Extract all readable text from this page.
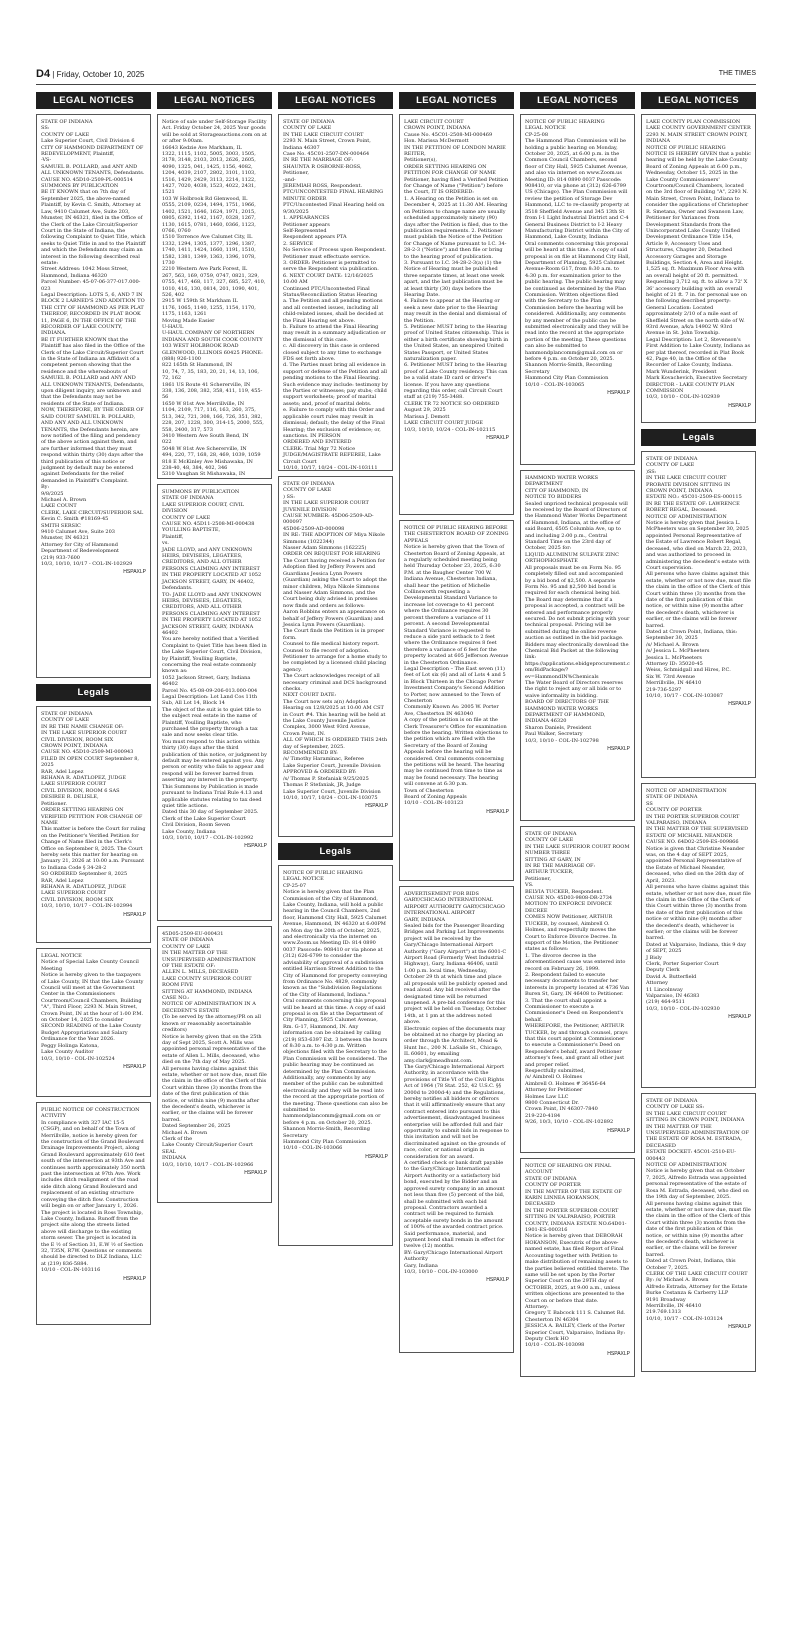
D4 | Friday, October 10, 2025	THE TIMES
LEGAL NOTICES
STATE OF INDIANA
SS:
COUNTY OF LAKE
Lake Superior Court, Civil Division 6
CITY OF HAMMOND DEPARTMENT OF REDEVELOPMENT, Plaintiff,
-VS-
SAMUEL B. POLLARD, and ANY AND ALL UNKNOWN TENANTS, Defendants.
CAUSE NO. 45D10-2509-PL-000514
SUMMONS BY PUBLICATION
BE IT KNOWN that on 7th day of September 2025, the above-named Plaintiff, by Kevin C. Smith, Attorney at Law, 9410 Calumet Ave, Suite 203, Munster, IN 46321, filed in the Office of the Clerk of the Lake Circuit/Superior Court in the State of Indiana, the following Complaint to Quiet Title, which seeks to Quiet Title in and to the Plaintiff and which the Defendants may claim an interest in the following described real estate:
Street Address: 1042 Moss Street, Hammond, Indiana 46320
Parcel Number: 45-07-06-377-017.000-023
Legal Description: LOTS 5, 6, AND 7 IN BLOCK 2 LARNED'S 2ND ADDITION TO THE CITY OF HAMMOND AS PER PLAT THEREOF, RECORDED IN PLAT BOOK 11, PAGE 6, IN THE OFFICE OF THE RECORDER OF LAKE COUNTY, INDIANA.
BE IT FURTHER KNOWN that the Plaintiff has also filed in the Office of the Clerk of the Lake Circuit/Superior Court in the State of Indiana an Affidavit of a competent person showing that the residence and the whereabouts of SAMUEL B. POLLARD and ANY AND ALL UNKNOWN TENANTS, Defendants, upon diligent inquiry, are unknown and that the Defendants may not be residents of the State of Indiana.
NOW, THEREFORE, BY THE ORDER OF SAID COURT SAMUEL B. POLLARD, AND ANY AND ALL UNKNOWN TENANTS, the Defendants herein, are now notified of the filing and pendency of the above action against them, and are further informed that they must respond within thirty (30) days after the third publication of this notice or judgment by default may be entered against Defendants for the relief demanded in Plaintiff's Complaint.
By:
9/8/2025
Michael A. Brown
LAKE COUNT
CLERK, LAKE CIRCUIT/SUPERIOR SAL
Kevin C. Smith #18169-45
SMITH SERSIC
9410 Calumet Ave, Suite 203
Munster, IN 46321
Attorney for City of Hammond Department of Redevelopment
(219) 933-7600
10/3, 10/10, 10/17 - COL-IN-102929
HSPAXLP
Legals
STATE OF INDIANA
COUNTY OF LAKE
IN RE THE NAME CHANGE OF:
IN THE LAKE SUPERIOR COURT
CIVIL DIVISION, ROOM SIX
CROWN POINT, INDIANA
CAUSE NO. 45D10-2509-MI-000943
FILED IN OPEN COURT September 8, 2025
RAR, Adel Lopez
REHANA R. ADATLOPEZ, JUDGE
LAKE SUPERIOR COURT
CIVIL DIVISION, ROOM 6 SAS
DESIREE R. DELISLE,
Petitioner.
ORDER SETTING HEARING ON VERIFIED PETITION FOR CHANGE OF NAME
This matter is before the Court for ruling on the Petitioner's Verified Petition for Change of Name filed in the Clerk's Office on September 8, 2025. The Court hereby sets this matter for hearing on January 21, 2026 at 10:00 a.m. Pursuant to Indiana Code § 34-28-2
SO ORDERED September 8, 2025
RAR, Adel Lopez
REHANA R. ADATLOPEZ, JUDGE
LAKE SUPERIOR COURT
CIVIL DIVISION, ROOM SIX
10/3, 10/10, 10/17 - COL-IN-102994
HSPAXLP
LEGAL NOTICE
Notice of Special Lake County Council Meeting
Notice is hereby given to the taxpayers of Lake County, IN that the Lake County Council will meet at the Government Center in the Commissioners Courtroom/Council Chambers, Building "A", Third Floor, 2293 N. Main Street, Crown Point, IN at the hour of 1:00 P.M. on October 14, 2025 to consider SECOND READING of the Lake County Budget Appropriations and Salary Ordinance for the Year 2026.
Peggy Holinga Katona,
Lake County Auditor
10/3, 10/10 - COL-IN-102524
HSPAXLP
PUBLIC NOTICE OF CONSTRUCTION ACTIVITY
In compliance with 327 IAC 15-5 (CSGP), and on behalf of the Town of Merrillville, notice is hereby given for the construction of the Grand Boulevard Drainage Improvements Project, along Grand Boulevard approximately 610 feet south of the intersection at 93th Ave and continues north approximately 350 north past the intersection at 97th Ave. Work includes ditch realignment of the road side ditch along Grand Boulevard and replacement of an existing structure conveying the ditch flow. Construction will begin on or after January 1, 2026. The project is located in Ross Township, Lake County, Indiana. Runoff from the project site along the streets listed above will discharge to the existing storm sewer. The project is located in the E ½ of Section 31, E.W ½ of Section 32, T35N, R7W. Questions or comments should be directed to DLZ Indiana, LLC at (219) 836-5884.
10/10 - COL-IN-103116
HSPAXLP
LEGAL NOTICES
Notice of sale under Self-Storage Facility Act. Friday October 24, 2025 Your goods will be sold at Storageauctions.com on at or after 9:00am.
16643 Kedzie Ave Markham, IL
1322, 1115, 1102, 5005, 3003, 1505, 3178, 3148, 2103, 2013, 2626, 2605, 4090, 1325, 041, 1425, 1156, 4082, 1204, 4039, 2107, 2802, 3101, 1103, 1516, 1429, 2429, 3113, 2214, 1122, 1427, 7020, 4038, 1523, 4022, 2431, 1521
103 W Holbrook Rd Glenwood, IL
0555, 2109, 0234, 1494, 1751, 1966, 1402, 1521, 1646, 1624, 1971, 2015, 0805, 6392, 1142, 1167, 0328, 1267, 1130, 1615, 0781, 1460, 0366, 1123, 0766, 0760
1510 Torrence Ave Calumet City, IL
1332, 1294, 1305, 1377, 1296, 1387, 1740, 1411, 1424, 1660, 1191, 1510, 1582, 1381, 1349, 1363, 1396, 1078, 1730
2210 Western Ave Park Forest, IL
267, 563, 169, 0759, 0747, 0821, 329, 0755, 417, 468, 117, 327, 685, 527, 410, 1010, 416, 130, 0814, 201, 1090, 401, 526, 402
2915 W 159th St Markham IL
1176, 1065, 1140, 1255, 1154, 1170, 1175, 1163, 1261
Moving Made Easier
U-HAUL
U-HAUL COMPANY OF NORTHERN INDIANA AND SOUTH COOK COUNTY
103 WEST HOLBROOK ROAD GLENWOOD, ILLINOIS 60425 PHONE: (888) 926-1100
822 165th St Hammond, IN
10, 74, 7, 35, 183, 20, 21, 14, 13, 106, 72, 162
1861 US Route 41 Schererville, IN
338, 136, 208, 382, 358, 411, 119, 455-56
1650 W 81st Ave Merrillville, IN
1104, 2109, 717, 116, 163, 260, 375, 513, 342, 721, 308, 166, 726, 351, 382, 228, 207, 1228, 300, 314-15, 2000, 555, 558, 2400, 317, 573
3410 Western Ave South Bend, IN
022
5048 W 81st Ave Schererville, IN
494, 220, 77, 168, 28, 469, 1039, 1059
818 E McKinley Ave Mishawaka, IN
238-40, 48, 384, 402, 346
5310 Vaughan St Mishawaka, IN

SUMMONS BY PUBLICATION
STATE OF INDIANA
LAKE SUPERIOR COURT, CIVIL DIVISION
COUNTY OF LAKE
CAUSE NO. 45D11-2508-MI-000438
YOULLING BAPTISTE,
Plaintiff,
vs.
JADE LLOYD, and ANY UNKNOWN HEIRS, DEVISEES, LEGATEES, CREDITORS, AND ALL OTHER PERSONS CLAIMING ANY INTEREST IN THE PROPERTY LOCATED AT 1052 JACKSON STREET, GARY, IN 46402,
Defendants.
TO: JADE LLOYD and ANY UNKNOWN HEIRS, DEVISEES, LEGATEES, CREDITORS, AND ALL OTHER PERSONS CLAIMING ANY INTEREST IN THE PROPERTY LOCATED AT 1052 JACKSON STREET, GARY, INDIANA 46402
You are hereby notified that a Verified Complaint to Quiet Title has been filed in the Lake Superior Court, Civil Division, by Plaintiff, Youlling Baptiste, concerning the real estate commonly known as:
1052 Jackson Street, Gary, Indiana 46402
Parcel No. 45-08-09-206-013.000-004
Legal Description: Lot Land Cos 11th Sub, All Lot 14, Block 14
The object of the suit is to quiet title to the subject real estate in the name of Plaintiff, Youlling Baptiste, who purchased the property through a tax sale and now seeks clear title.
You must respond to this action within thirty (30) days after the third publication of this notice, or judgment by default may be entered against you. Any person or entity who fails to appear and respond will be forever barred from asserting any interest in the property.
This Summons by Publication is made pursuant to Indiana Trial Rule 4.13 and applicable statutes relating to tax deed quiet title actions.
Dated this 30 day of September 2025.
Clerk of the Lake Superior Court
Civil Division, Room Seven
Lake County, Indiana
10/3, 10/10, 10/17 - COL-IN-102992
HSPAXLP
45D05-2509-EU-000431
STATE OF INDIANA
COUNTY OF LAKE
IN THE MATTER OF THE UNSUPERVISED ADMINISTRATION
OF THE ESTATE OF:
ALLEN L. MILLS, DECEASED
LAKE COUNTY SUPERIOR COURT ROOM FIVE
SITTING AT HAMMOND, INDIANA
CASE NO.:
NOTICE OF ADMINISTRATION IN A DECEDENT'S ESTATE
(To be served by the attorney/PR on all known or reasonably ascertainable creditors)
Notice is hereby given that on the 25th day of Sept 2025, Scott A. Mills was appointed personal representative of the estate of Allen L. Mills, deceased, who died on the 7th day of May 2025.
All persons having claims against this estate, whether or not now due, must file the claim in the office of the Clerk of this Court within three (3) months from the date of the first publication of this notice, or within nine (9) months after the decedent's death, whichever is earlier, or the claims will be forever barred.
Dated September 26, 2025
Michael A. Brown
Clerk of the
Lake County Circuit/Superior Court
SEAL
INDIANA
10/3, 10/10, 10/17 - COL-IN-102966
HSPAXLP
LEGAL NOTICES
STATE OF INDIANA
COUNTY OF LAKE
IN THE LAKE CIRCUIT COURT
2293 N. Main Street, Crown Point, Indiana 46307
Case No. 45C01-2507-DN-000464
IN RE THE MARRIAGE OF:
SHAUNTA R OSBORNE-ROSS, Petitioner,
-and-
JEREMIAH ROSS, Respondent.
PTC/UNCONTESTED FINAL HEARING MINUTE ORDER
PTC/Uncontested Final Hearing held on 9/30/2025
1. APPEARANCES
Petitioner appears
Self-Represented
Respondent appears PTA
2. SERVICE
No Service of Process upon Respondent. Petitioner must effectuate service.
3. ORDER: Petitioner is permitted to serve the Respondent via publication.
6. NEXT COURT DATE: 12/16/2025 10:00 AM
Continued PTC/Uncontested Final Status/Reconciliation Status Hearing
a. The Petition and all pending motions and all contested issues, including all child-related issues, shall be decided at the Final Hearing set above.
b. Failure to attend the Final Hearing may result in a summary adjudication or the dismissal of this case.
c. All discovery in this case is ordered closed subject to any time to exchange FDS set forth above.
d. The Parties must bring all evidence in support or defense of the Petition and all pending motions to the Final Hearing. Such evidence may include: testimony by the Parties or witnesses; pay stubs; child support worksheets; proof of marital assets; and, proof of marital debts.
e. Failure to comply with this Order and applicable court rules may result in dismissal; default; the delay of the Final Hearing; the exclusion of evidence; or, sanctions. IN PERSON
ORDERED AND ENTERED
CLERK: Trial Mgr 72 Notice
JUDGE/MAGISTRATE REFEREE, Lake Circuit Court
10/10, 10/17, 10/24 - COL-IN-103111
STATE OF INDIANA
COUNTY OF LAKE
) SS:
IN THE LAKE SUPERIOR COURT JUVENILE DIVISION
CAUSE NUMBER: 45D06-2509-AD-000097
45D06-2509-AD-000098
IN RE: THE ADOPTION OF Miya Nikole Simmons (1022344)
Nasser Adam Simmons (162225)
ORDER ON REQUEST FOR HEARING
The Court having received a Petition for Adoption filed by Jeffery Powers and Guardians Jessica Lynn Powers (Guardian) asking the Court to adopt the minor children, Miya Nikole Simmons and Nasser Adam Simmons, and the Court being duly advised in premises now finds and orders as follows:
Aaron Robbins enters an appearance on behalf of Jeffery Powers (Guardian) and Jessica Lynn Powers (Guardian).
The Court finds the Petition is in proper form.
Counsel to file medical history report.
Counsel to file record of adoption.
Petitioner to arrange for a home study to be completed by a licensed child placing agency.
The Court acknowledges receipt of all necessary criminal and DCS background checks.
NEXT COURT DATE:
The Court now sets a(n) Adoption Hearing on 12/8/2025 at 10:00 AM CST in Court #4. This hearing will be held at the Lake County Juvenile Justice Complex, 3000 West 93rd Avenue, Crown Point, IN.
ALL OF WHICH IS ORDERED THIS 24th day of September, 2025.
RECOMMENDED BY:
/s/ Timothy Haraminac, Referee
Lake Superior Court, Juvenile Division
APPROVED & ORDERED BY:
/s/ Thomas P. Stefaniak 9/25/2025
Thomas P. Stefaniak, JR, Judge
Lake Superior Court, Juvenile Division
10/10, 10/17, 10/24 - COL-IN-103075
HSPAXLP
Legals
NOTICE OF PUBLIC HEARING
LEGAL NOTICE
CP-25-07
Notice is hereby given that the Plan Commission of the City of Hammond, Lake County, Indiana, will hold a public hearing in the Council Chambers, 2nd floor, Hammond City Hall, 5925 Calumet Avenue, Hammond, IN 46320 at 6:00PM on Mon day the 20th of October, 2025, and electronically via the internet on www.Zoom.us Meeting ID: 814 0890 0037 Passcode: 908410 or via phone at (312) 626-6799 to consider the advisability of approval of a subdivision entitled Harrison Street Addition to the City of Hammond for property conveying from Ordinance No. 4829, commonly known as the "Subdivision Regulations of the City of Hammond, Indiana."
Oral comments concerning this proposal will be heard at this time. A copy of said proposal is on file at the Department of City Planning, 5925 Calumet Avenue, Rm. G-17, Hammond, IN. Any information can be obtained by calling (219) 853-6397 Ext. 3 between the hours of 8:30 a.m. to 4:30 p.m. Written objections filed with the Secretary to the Plan Commission will be considered. The public hearing may be continued as determined by the Plan Commission. Additionally, any comments by any member of the public can be submitted electronically and they will be read into the record at the appropriate portion of the meeting. These questions can also be submitted to hammondplancomm@gmail.com on or before 4 p.m. on October 20, 2025.
Shannon Morris-Smith, Recording Secretary
Hammond City Plan Commission
10/10 - COL-IN-103066
HSPAXLP
LEGAL NOTICES
LAKE CIRCUIT COURT
CROWN POINT, INDIANA
Cause No. 45C01-2508-MI-000469
Hon. Marissa McDermott
IN THE PETITION OF LONDON MARIE REITER,
Petitioner(s),
ORDER SETTING HEARING ON PETITION FOR CHANGE OF NAME
Petitioner, having filed a Verified Petition for Change of Name ("Petition") before the Court, IT IS ORDERED:
1. A Hearing on the Petition is set on December 4, 2025 at 11:30 AM. Hearing on Petitions to change name are usually scheduled approximately ninety (90) days after the Petition is filed, due to the publication requirements. 2. Petitioner must publish the Notice of the Petition for Change of Name pursuant to I.C. 34-28-2-3 ("Notice") and then file or bring to the hearing proof of publication.
3. Pursuant to I.C. 34-28-2-3(a) (1) the Notice of Hearing must be published three separate times, at least one week apart, and the last publication must be at least thirty (30) days before the Hearing Date.
4. Failure to appear at the Hearing or seek a new date prior to the Hearing may result in the denial and dismissal of the Petition.
5. Petitioner MUST bring to the Hearing proof of United States citizenship. This is either a birth certificate showing birth in the United States, an unexpired United States Passport, or United States naturalization paper.
6. Petitioner MUST bring to the Hearing proof of Lake County residency. This can be a valid state ID card or driver's license. If you have any questions regarding this order, call Circuit Court staff at (219) 755-3488.
CLERK TR 72 NOTICE SO ORDERED August 29, 2025
Marissa J. Demott
LAKE CIRCUIT COURT JUDGE
10/3, 10/10, 10/24 - COL-IN-102115
HSPAXLP
NOTICE OF PUBLIC HEARING BEFORE THE CHESTERTON BOARD OF ZONING APPEALS
Notice is hereby given that the Town of Chesterton Board of Zoning Appeals, at a regularly scheduled meeting being held Thursday October 23, 2025, 6:30 P.M. at the Baugher Center 700 W. Indiana Avenue, Chesterton Indiana, shall hear the petition of Michelle Collinsworth requesting a Developmental Standard Variance to increase lot coverage to 41 percent where the Ordinance requires 30 percent therefore a variance of 11 percent. A second Developmental Standard Variance is requested to reduce a side yard setback to 2 feet where the Ordinance requires 8 feet therefore a variance of 6 feet for the property located at 605 Jefferson Avenue in the Chesterton Ordinance.
Legal Description – The East seven (11) feet of Lot six (6) and all of Lots 4 and 5 in Block Thirteen in the Chicago Porter Investment Company's Second Addition to Porter, now annexed to the Town of Chesterton
Commonly Known As: 2005 W. Porter Ave, Chesterton IN 463040
A copy of the petition is on file at the Clerk Treasurer's Office for examination before the hearing. Written objections to the petition which are filed with the Secretary of the Board of Zoning Appeals before the hearing will be considered. Oral comments concerning the petitions will be heard. The hearing may be continued from time to time as may be found necessary. The hearing will convene at 6:30 p.m.
Town of Chesterton
Board of Zoning Appeals
10/10 - COL-IN-103123
HSPAXLP
ADVERTISEMENT FOR BIDS
GARY/CHICAGO INTERNATIONAL AIRPORT AUTHORITY GARY/CHICAGO INTERNATIONAL AIRPORT
GARY, INDIANA
Sealed bids for the Passenger Boarding Bridges and Parking Lot Improvements project will be received by the Gary/Chicago International Airport Authority ("Gary Airport") at the 6001-C Airport Road (Formerly West Industrial Highway), Gary, Indiana 46406, until 1:00 p.m. local time, Wednesday, October 29 th at which time and place all proposals will be publicly opened and read aloud. Any bid received after the designated time will be returned unopened. A pre-bid conference for this project will be held on Tuesday, October 14th, at 1 pm at the address noted above.
Electronic copies of the documents may be obtained at no charge by placing an order through the Architect, Mead & Hunt Inc., 200 N. LaSalle St., Chicago, IL 60601, by emailing amy.clark@meadhunt.com.
The Gary/Chicago International Airport Authority, in accordance with the provisions of Title VI of the Civil Rights Act of 1964 (78 Stat. 252, 42 U.S.C. §§ 2000d to 2000d-4) and the Regulations, hereby notifies all bidders or offerors that it will affirmatively ensure that any contract entered into pursuant to this advertisement, disadvantaged business enterprise will be afforded full and fair opportunity to submit bids in response to this invitation and will not be discriminated against on the grounds of race, color, or national origin in consideration for an award.
A certified check or bank draft payable to the Gary/Chicago International Airport Authority or a satisfactory bid bond, executed by the Bidder and an approved surety company in an amount not less than five (5) percent of the bid, shall be submitted with each bid proposal. Contractors awarded a contract will be required to furnish acceptable surety bonds in the amount of 100% of the awarded contract price. Said performance, material, and payment bond shall remain in effect for twelve (12) months.
BY: Gary/Chicago International Airport Authority
Gary, Indiana
10/3, 10/10 - COL-IN-103000
HSPAXLP
LEGAL NOTICES
NOTICE OF PUBLIC HEARING
LEGAL NOTICE
CP-25-08
The Hammond Plan Commission will be holding a public hearing on Monday, October 20, 2025, at 6:00 p.m. in the Common Council Chambers, second floor of City Hall, 5925 Calumet Avenue, and also via internet on www.Zoom.us Meeting ID: 814 0890 0037 Passcode: 908410, or via phone at (312) 626-6799 US (Chicago). The Plan Commission will review the petition of Storage Dev Hammond, LLC to re-classify property at 3518 Sheffield Avenue and 345 13th St from I-1 Light Industrial District and C-4 General Business District to I-2 Heavy Manufacturing District within the City of Hammond, Lake County, Indiana
Oral comments concerning this proposal will be heard at this time. A copy of said proposal is on file at Hammond City Hall, Department of Planning, 5925 Calumet Avenue-Room G17, from 8:30 a.m. to 4:30 p.m. for examination prior to the public hearing. The public hearing may be continued as determined by the Plan Commission. Written objections filed with the Secretary to the Plan Commission before the hearing will be considered. Additionally, any comments by any member of the public can be submitted electronically and they will be read into the record at the appropriate portion of the meeting. These questions can also be submitted to hammondplancomm@gmail.com on or before 4 p.m. on October 20, 2025.
Shannon Morris-Smith, Recording Secretary
Hammond City Plan Commission
10/10 - COL-IN-103065
HSPAXLP
HAMMOND WATER WORKS DEPARTMENT
CITY OF HAMMOND, IN
NOTICE TO BIDDERS
Sealed unpriced technical proposals will be received by the Board of Directors of the Hammond Water Works Department of Hammond, Indiana, at the office of said Board, 6505 Columbia Ave, up to and including 2:00 p.m., Central Standard Time on the 23rd day of October, 2025 for:
LIQUID ALUMINUM SULFATE ZINC ORTHOPHOSPHATE
All proposals must be on Form No. 95 completely filled out and accompanied by a bid bond of $2,500. A separate Form No. 95 and $2,500 bid bond is required for each chemical being bid. The Board may determine that if a proposal is accepted, a contract will be entered and performance properly secured. Do not submit pricing with your technical proposal. Pricing will be submitted during the online reverse auction as outlined in the bid package.
Bidders may electronically download the Chemical Bid Packet at the following link:
https://applications.ebidgeprocurement.com/BidPackage/?ev=HammondIN%Chemicals
The Water Board of Directors reserves the right to reject any or all bids or to waive informality in bidding.
BOARD OF DIRECTORS OF THE HAMMOND WATER WORKS DEPARTMENT OF HAMMOND, INDIANA 46320
Sharon Daniels, President
Paul Walker, Secretary
10/3, 10/10 - COL-IN-102798
HSPAXLP
STATE OF INDIANA
COUNTY OF LAKE
IN THE LAKE SUPERIOR COURT ROOM NUMBER THREE
SITTING AT GARY, IN
IN RE THE MARRIAGE OF:
ARTHUR TUCKER,
Petitioner,
VS.
BELVIA TUCKER, Respondent.
CAUSE NO: 45D03-9808-DR-2734
MOTION TO ENFORCE DIVORCE DECREE
COMES NOW Petitioner, ARTHUR TUCKER, by counsel, Aimbrell O. Holmes, and respectfully moves the Court to Enforce Divorce Decree. In support of the Motion, the Petitioner states as follows:
1. The divorce decree in the aforementioned cause was entered into record on February 26, 1999.
2. Respondent failed to execute necessary documents to transfer her interests in property located at 4736 Van Buren St, Gary, IN 46408 to Petitioner.
3. That the court shall appoint a Commissioner to execute a Commissioner's Deed on Respondent's behalf.
WHEREFORE, the Petitioner, ARTHUR TUCKER, by and through counsel, prays that this court appoint a Commissioner to execute a Commissioner's Deed on Respondent's behalf, award Petitioner attorney's fees, and grant all other just and proper relief.
Respectfully submitted,
/s/ Aimbrell O. Holmes
Aimbrell O. Holmes # 36456-64
Attorney for Petitioner
Holmes Law LLC
9800 Connecticut Dr.
Crown Point, IN 46307-7840
219-220-4184
9/26, 10/3, 10/10 - COL-IN-102892
HSPAXLP
NOTICE OF HEARING ON FINAL ACCOUNT
STATE OF INDIANA
COUNTY OF PORTER
IN THE MATTER OF THE ESTATE OF KARIN LINNEA HOKANSON, DECEASED
IN THE PORTER SUPERIOR COURT SITTING IN VALPARAISO, PORTER COUNTY, INDIANA ESTATE NO.64D01-1901-ES-000316
Notice is hereby given that DEBORAH HOKANSON, Executrix of the above-named estate, has filed Report of Final Accounting together with Petition to make distribution of remaining assets to the parties believed entitled thereto. The same will be set upon by the Porter Superior Court on the 29TH day of OCTOBER, 2025, at 9:00 a.m., unless written objections are presented to the Court on or before that date.
Attorney:
Gregory T. Babcock 111 S. Calumet Rd. Chesterton IN 46304
JESSICA A. BAILEY, Clerk of the Porter Superior Court, Valparaiso, Indiana By: Deputy Clerk HO
10/10 - COL-IN-103098
HSPAXLP
LEGAL NOTICES
LAKE COUNTY PLAN COMMISSION
LAKE COUNTY GOVERNMENT CENTER 2293 N. MAIN STREET CROWN POINT, INDIANA
NOTICE OF PUBLIC HEARING
NOTICE IS HEREBY GIVEN that a public hearing will be held by the Lake County Board of Zoning Appeals at 6:00 p.m., Wednesday, October 15, 2025 in the Lake County Commissioners' Courtroom/Council Chambers, located on the 3rd floor of Building "A", 2293 N. Main Street, Crown Point, Indiana to consider the applications of Christopher R. Smetana, Owner and Swanson Law, Petitioner for Variances from Development Standards from the Unincorporated Lake County Unified Development Ordinance Title 154, Article 9, Accessory Uses and Structures, Chapter 20, Detached Accessory Garages and Storage Buildings, Section 4, Area and Height. 1,525 sq. ft. Maximum Floor Area with an overall height of 20 ft. permitted. Requesting 3,712 sq. ft. to allow a 72' X 36' accessory building with an overall height of 21 ft. 7 in. for personal use on the following described property:
General Location: Located approximately 2/10 of a mile east of Sheffield Street on the north side of W. 93rd Avenue, a/k/a 14902 W. 93rd Avenue in St. John Township.
Legal Description: Lot 2, Stevenson's First Addition to Lake County, Indiana as per plat thereof, recorded in Plat Book 42, Page 40, in the Office of the Recorder of Lake County, Indiana.
Mark Wunderink, President
Mark Kovachevich, Executive Secretary
DIRECTOR - LAKE COUNTY PLAN COMMISSION
10/3, 10/10 - COL-IN-102939
HSPAXLP
Legals
STATE OF INDIANA
COUNTY OF LAKE
)SS:
IN THE LAKE CIRCUIT COURT PROBATE DIVISION SITTING IN CROWN POINT, INDIANA
ESTATE NO.: 45C01-2509-ES-000115
IN RE THE ESTATE OF: LAWRENCE ROBERT REGAL, Deceased.
NOTICE OF ADMINISTRATION
Notice is hereby given that Jessica L. McPheeters was on September 30, 2025 appointed Personal Representative of the Estate of Lawrence Robert Regal, deceased, who died on March 22, 2023, and was authorized to proceed in administering the decedent's estate with Court supervision.
All persons who have claims against this estate, whether or not now due, must file the claim in the office of the Clerk of this Court within three (3) months from the date of the first publication of this notice, or within nine (9) months after the decedent's death, whichever is earlier, or the claims will be forever barred.
Dated at Crown Point, Indiana, this:
September 30, 2025
/s/ Michael A. Brown
/s/ Jessica L. McPheeters
Jessica L. McPheeters
Attorney ID: 35020-45
Weiss, Schmidgall and Hires, P.C.
Six W. 73rd Avenue
Merrillville, IN 46410
219-736-5297
10/10, 10/17 - COL-IN-103087
HSPAXLP
NOTICE OF ADMINISTRATION
STATE OF INDIANA
SS
COUNTY OF PORTER
IN THE PORTER SUPERIOR COURT
VALPARAISO, INDIANA
IN THE MATTER OF THE SUPERVISED ESTATE OF MICHAEL NEANDER
CAUSE NO. 64D02-2509-ES-009866
Notice is given that Christine Neander was, on the 4 day of SEPT 2025, appointed Personal Representative of the Estate of Michael Neander, deceased, who died on the 26th day of April, 2023.
All persons who have claims against this estate, whether or not now due, must file the claim in the Office of the Clerk of this Court within three (3) months from the date of the first publication of this notice or within nine (9) months after the decedent's death, whichever is earlier; or the claims will be forever barred.
Dated at Valparaiso, Indiana, this 9 day of SEPT, 2025
J Bisly
Clerk, Porter Superior Court
Deputy Clerk
David A. Butterfield
Attorney
11 Lincolnway
Valparaiso, IN 46383
(219) 464-9511
10/3, 10/10 - COL-IN-102930
HSPAXLP
STATE OF INDIANA
COUNTY OF LAKE SS:
IN THE LAKE CIRCUIT COURT
SITTING IN CROWN POINT, INDIANA
IN THE MATTER OF THE UNSUPERVISED ADMINISTRATION OF THE ESTATE OF ROSA M. ESTRADA, DECEASED
ESTATE DOCKET: 45C01-2510-EU-000443
NOTICE OF ADMINISTRATION
Notice is hereby given that on October 7, 2025, Alfredo Estrada was appointed personal representative of the estate of Rosa M. Estrada, deceased, who died on the 19th day of September, 2025.
All persons having claims against this estate, whether or not now due, must file the claim in the office of the Clerk of this Court within three (3) months from the date of the first publication of this notice, or within nine (9) months after the decedent's death, whichever is earlier, or the claims will be forever barred.
Dated at Crown Point, Indiana, this October 7, 2025.
CLERK OF THE LAKE CIRCUIT COURT
By: /s/ Michael A. Brown
Alfredo Estrada, Attorney for the Estate
Burke Costanza & Carberry LLP
9191 Broadway
Merrillville, IN 46410
219.769.1313
10/10, 10/17 - COL-IN-103124
HSPAXLP
